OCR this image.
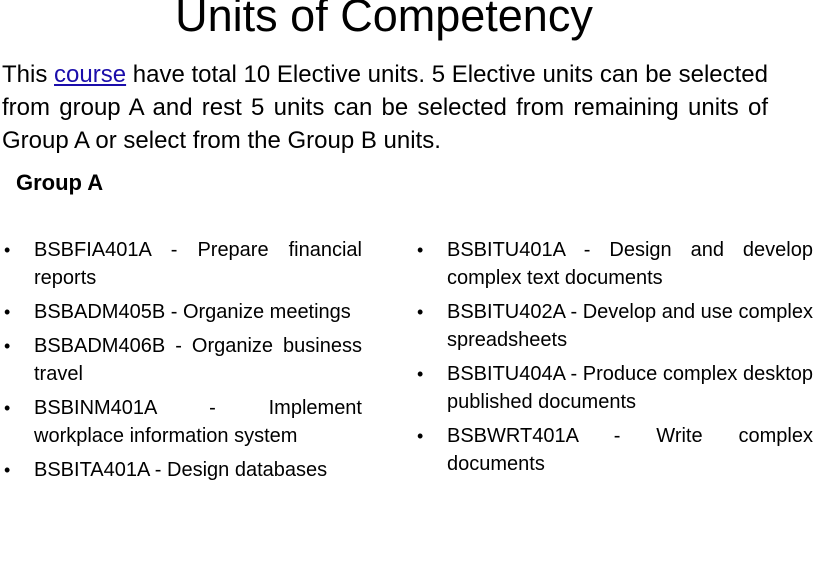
Units of Competency
This course have total 10 Elective units. 5 Elective units can be selected from group A and rest 5 units can be selected from remaining units of Group A or select from the Group B units.
Group A
• BSBFIA401A - Prepare financial reports
• BSBADM405B - Organize meetings
• BSBADM406B - Organize business travel
• BSBINM401A - Implement workplace information system
• BSBITA401A - Design databases
• BSBITU401A - Design and develop complex text documents
• BSBITU402A - Develop and use complex spreadsheets
• BSBITU404A - Produce complex desktop published documents
• BSBWRT401A - Write complex documents
